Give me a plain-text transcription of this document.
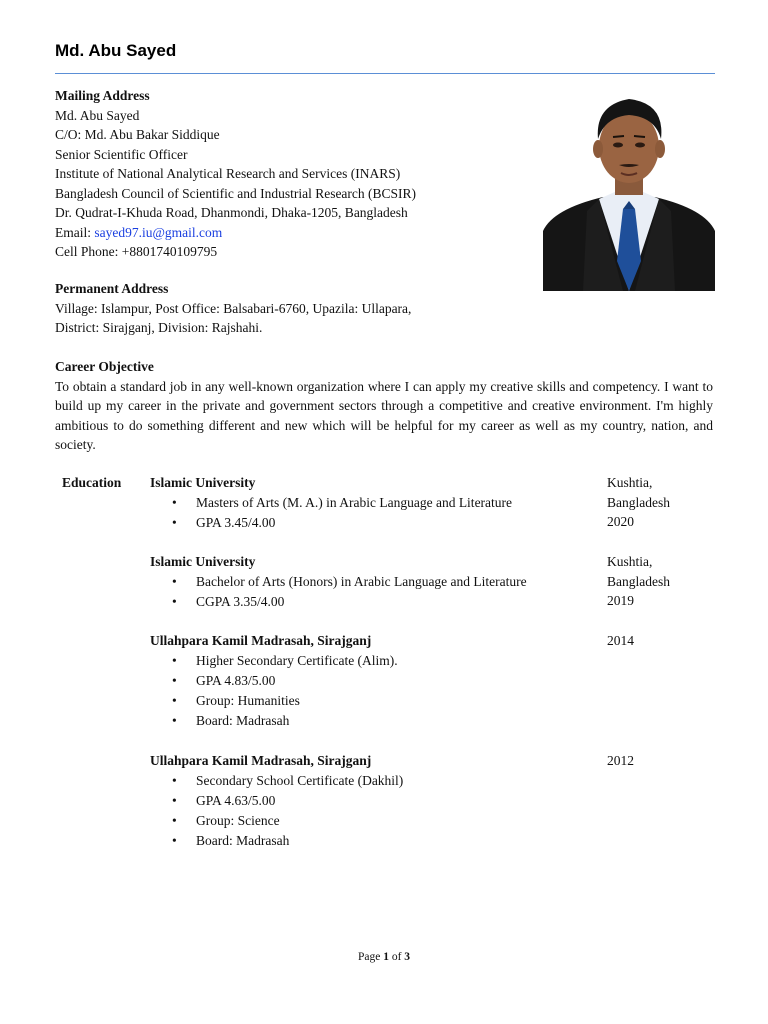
Md. Abu Sayed
Mailing Address
Md. Abu Sayed
C/O: Md. Abu Bakar Siddique
Senior Scientific Officer
Institute of National Analytical Research and Services (INARS)
Bangladesh Council of Scientific and Industrial Research (BCSIR)
Dr. Qudrat-I-Khuda Road, Dhanmondi, Dhaka-1205, Bangladesh
Email: sayed97.iu@gmail.com
Cell Phone: +8801740109795
Permanent Address
Village: Islampur, Post Office: Balsabari-6760, Upazila: Ullapara,
District: Sirajganj, Division: Rajshahi.
Career Objective
To obtain a standard job in any well-known organization where I can apply my creative skills and competency. I want to build up my career in the private and government sectors through a competitive and creative environment. I'm highly ambitious to do something different and new which will be helpful for my career as well as my country, nation, and society.
Education Islamic University
• Masters of Arts (M. A.) in Arabic Language and Literature
• GPA 3.45/4.00
Kushtia,
Bangladesh
2020
Islamic University
• Bachelor of Arts (Honors) in Arabic Language and Literature
• CGPA 3.35/4.00
Kushtia,
Bangladesh
2019
Ullahpara Kamil Madrasah, Sirajganj
• Higher Secondary Certificate (Alim).
• GPA 4.83/5.00
• Group: Humanities
• Board: Madrasah
2014
Ullahpara Kamil Madrasah, Sirajganj
• Secondary School Certificate (Dakhil)
• GPA 4.63/5.00
• Group: Science
• Board: Madrasah
2012
Page 1 of 3
